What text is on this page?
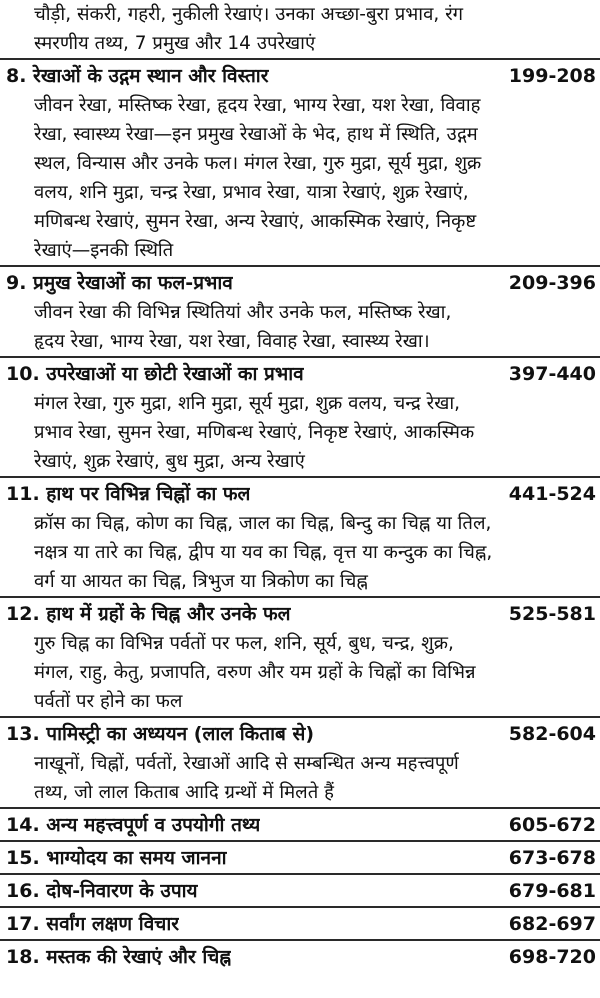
चौड़ी, संकरी, गहरी, नुकीली रेखाएं। उनका अच्छा-बुरा प्रभाव, रंग
स्मरणीय तथ्य, 7 प्रमुख और 14 उपरेखाएं
8. रेखाओं के उद्गम स्थान और विस्तार	199-208
जीवन रेखा, मस्तिष्क रेखा, हृदय रेखा, भाग्य रेखा, यश रेखा, विवाह
रेखा, स्वास्थ्य रेखा—इन प्रमुख रेखाओं के भेद, हाथ में स्थिति, उद्गम
स्थल, विन्यास और उनके फल। मंगल रेखा, गुरु मुद्रा, सूर्य मुद्रा, शुक्र
वलय, शनि मुद्रा, चन्द्र रेखा, प्रभाव रेखा, यात्रा रेखाएं, शुक्र रेखाएं,
मणिबन्ध रेखाएं, सुमन रेखा, अन्य रेखाएं, आकस्मिक रेखाएं, निकृष्ट
रेखाएं—इनकी स्थिति
9. प्रमुख रेखाओं का फल-प्रभाव	209-396
जीवन रेखा की विभिन्न स्थितियां और उनके फल, मस्तिष्क रेखा,
हृदय रेखा, भाग्य रेखा, यश रेखा, विवाह रेखा, स्वास्थ्य रेखा।
10. उपरेखाओं या छोटी रेखाओं का प्रभाव	397-440
मंगल रेखा, गुरु मुद्रा, शनि मुद्रा, सूर्य मुद्रा, शुक्र वलय, चन्द्र रेखा,
प्रभाव रेखा, सुमन रेखा, मणिबन्ध रेखाएं, निकृष्ट रेखाएं, आकस्मिक
रेखाएं, शुक्र रेखाएं, बुध मुद्रा, अन्य रेखाएं
11. हाथ पर विभिन्न चिह्नों का फल	441-524
क्रॉस का चिह्न, कोण का चिह्न, जाल का चिह्न, बिन्दु का चिह्न या तिल,
नक्षत्र या तारे का चिह्न, द्वीप या यव का चिह्न, वृत्त या कन्दुक का चिह्न,
वर्ग या आयत का चिह्न, त्रिभुज या त्रिकोण का चिह्न
12. हाथ में ग्रहों के चिह्न और उनके फल	525-581
गुरु चिह्न का विभिन्न पर्वतों पर फल, शनि, सूर्य, बुध, चन्द्र, शुक्र,
मंगल, राहु, केतु, प्रजापति, वरुण और यम ग्रहों के चिह्नों का विभिन्न
पर्वतों पर होने का फल
13. पामिस्ट्री का अध्ययन (लाल किताब से)	582-604
नाखूनों, चिह्नों, पर्वतों, रेखाओं आदि से सम्बन्धित अन्य महत्त्वपूर्ण
तथ्य, जो लाल किताब आदि ग्रन्थों में मिलते हैं
14. अन्य महत्त्वपूर्ण व उपयोगी तथ्य	605-672
15. भाग्योदय का समय जानना	673-678
16. दोष-निवारण के उपाय	679-681
17. सर्वांग लक्षण विचार	682-697
18. मस्तक की रेखाएं और चिह्न	698-720
